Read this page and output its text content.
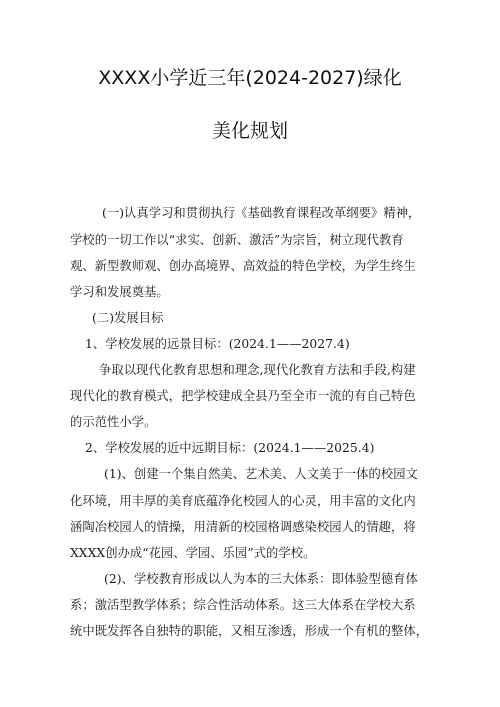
XXXX小学近三年(2024-2027)绿化
美化规划
(一)认真学习和贯彻执行《基础教育课程改革纲要》精神，
学校的一切工作以“求实、创新、激活”为宗旨，树立现代教育
观、新型教师观、创办高境界、高效益的特色学校，为学生终生
学习和发展奠基。
(二)发展目标
1、学校发展的远景目标：(2024.1——2027.4)
争取以现代化教育思想和理念,现代化教育方法和手段,构建
现代化的教育模式，把学校建成全县乃至全市一流的有自己特色
的示范性小学。
2、学校发展的近中远期目标：(2024.1——2025.4)
(1)、创建一个集自然美、艺术美、人文美于一体的校园文
化环境，用丰厚的美育底蕴净化校园人的心灵，用丰富的文化内
涵陶冶校园人的情操，用清新的校园格调感染校园人的情趣，将
XXXX创办成“花园、学园、乐园”式的学校。
(2)、学校教育形成以人为本的三大体系：即体验型德育体
系；激活型教学体系；综合性活动体系。这三大体系在学校大系
统中既发挥各自独特的职能，又相互渗透，形成一个有机的整体，
